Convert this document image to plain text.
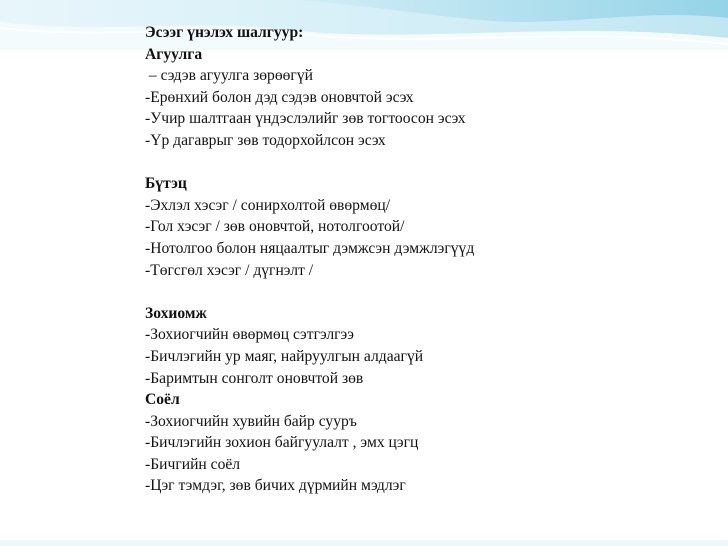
Эсээг үнэлэх шалгуур:
Агуулга
– сэдэв агуулга зөрөөгүй
-Ерөнхий болон дэд сэдэв оновчтой эсэх
-Учир шалтгаан үндэслэлийг зөв тогтоосон эсэх
-Үр дагаврыг зөв тодорхойлсон эсэх
Бүтэц
-Эхлэл хэсэг / сонирхолтой өвөрмөц/
-Гол хэсэг / зөв оновчтой, нотолгоотой/
-Нотолгоо болон няцаалтыг дэмжсэн дэмжлэгүүд
-Төгсгөл хэсэг / дүгнэлт /
Зохиомж
-Зохиогчийн өвөрмөц сэтгэлгээ
-Бичлэгийн ур маяг, найруулгын алдаагүй
-Баримтын сонголт оновчтой зөв
Соёл
-Зохиогчийн хувийн байр сууръ
-Бичлэгийн зохион байгуулалт , эмх цэгц
-Бичгийн соёл
-Цэг тэмдэг, зөв бичих дүрмийн мэдлэг
